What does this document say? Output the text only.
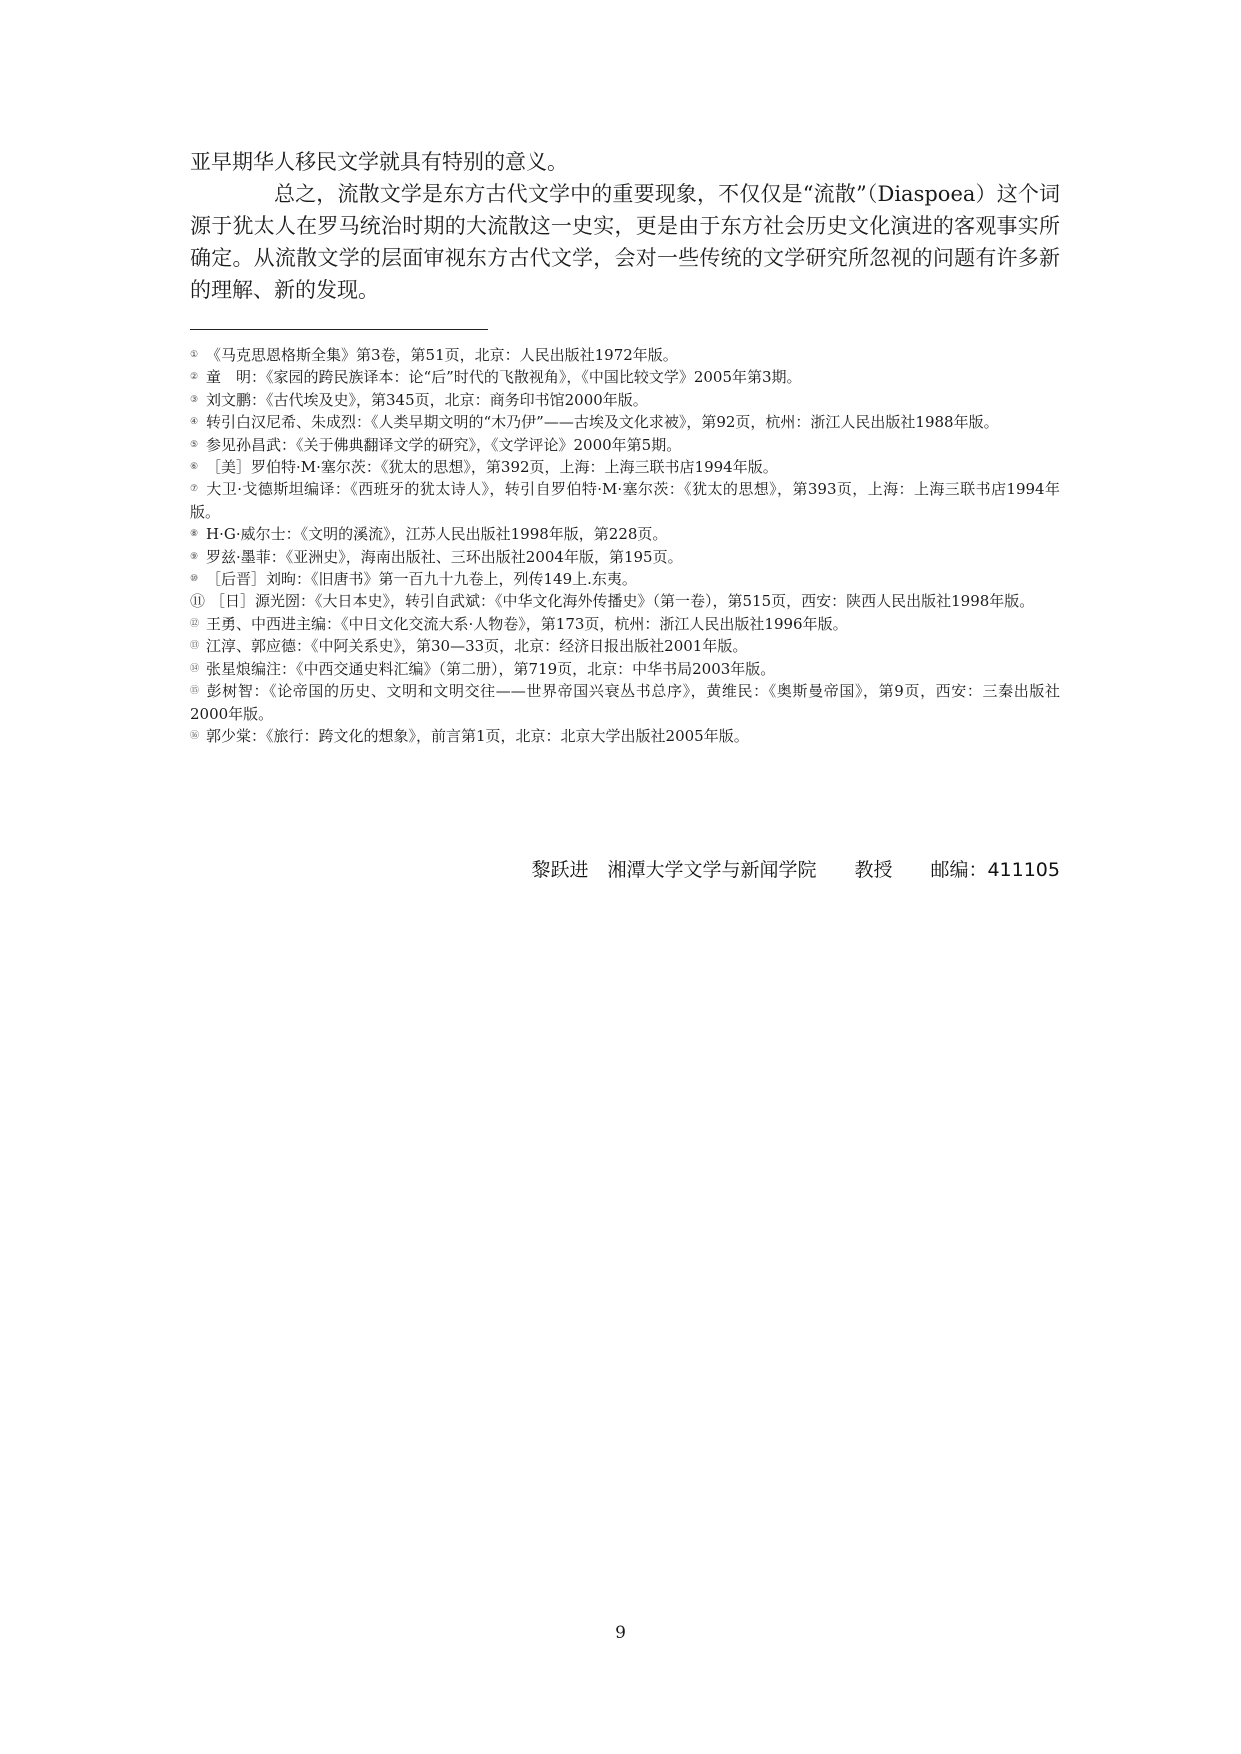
亚早期华人移民文学就具有特别的意义。

总之，流散文学是东方古代文学中的重要现象，不仅仅是“流散”（Diaspoea）这个词源于犹太人在罗马统治时期的大流散这一史实，更是由于东方社会历史文化演进的客观事实所确定。从流散文学的层面审视东方古代文学，会对一些传统的文学研究所忽视的问题有许多新的理解、新的发现。

① 《马克思恩格斯全集》第3卷，第51页，北京：人民出版社1972年版。

② 童　明：《家园的跨民族译本：论“后”时代的飞散视角》，《中国比较文学》2005年第3期。

③ 刘文鹏：《古代埃及史》，第345页，北京：商务印书馆2000年版。

④ 转引白汉尼希、朱成烈：《人类早期文明的“木乃伊”——古埃及文化求被》，第92页，杭州：浙江人民出版社1988年版。

⑤ 参见孙昌武：《关于佛典翻译文学的研究》，《文学评论》2000年第5期。

⑥ ［美］罗伯特·M·塞尔茨：《犹太的思想》，第392页，上海：上海三联书店1994年版。

⑦ 大卫·戈德斯坦编译：《西班牙的犹太诗人》，转引自罗伯特·M·塞尔茨：《犹太的思想》，第393页，上海：上海三联书店1994年版。

⑧ H·G·威尔士：《文明的溪流》，江苏人民出版社1998年版，第228页。

⑨ 罗兹·墨菲：《亚洲史》，海南出版社、三环出版社2004年版，第195页。

⑩ ［后晋］刘昫：《旧唐书》第一百九十九卷上，列传149上.东夷。

⑪ ［日］源光圀：《大日本史》，转引自武斌：《中华文化海外传播史》（第一卷），第515页，西安：陕西人民出版社1998年版。

⑫ 王勇、中西进主编：《中日文化交流大系·人物卷》，第173页，杭州：浙江人民出版社1996年版。

⑬ 江淳、郭应德：《中阿关系史》，第30—33页，北京：经济日报出版社2001年版。

⑭ 张星烺编注：《中西交通史料汇编》（第二册），第719页，北京：中华书局2003年版。

⑮ 彭树智：《论帝国的历史、文明和文明交往——世界帝国兴衰丛书总序》，黄维民：《奥斯曼帝国》，第9页，西安：三秦出版社2000年版。

⑯ 郭少棠：《旅行：跨文化的想象》，前言第1页，北京：北京大学出版社2005年版。

黎跃进　湘潭大学文学与新闻学院　　教授　　邮编：411105
9
